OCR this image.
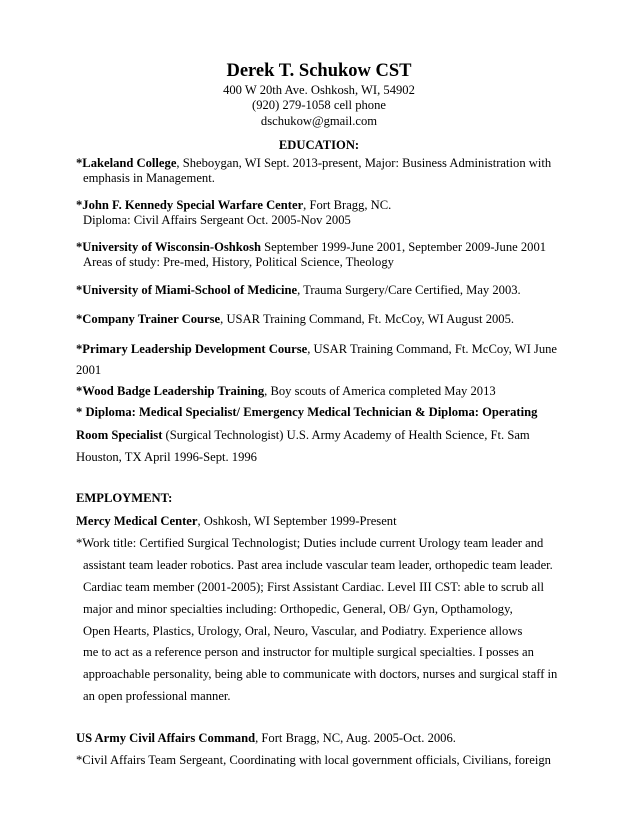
Derek T. Schukow CST
400 W 20th Ave. Oshkosh, WI, 54902
(920) 279-1058 cell phone
dschukow@gmail.com
EDUCATION:
*Lakeland College, Sheboygan, WI Sept. 2013-present, Major: Business Administration with
emphasis in Management.
*John F. Kennedy Special Warfare Center, Fort Bragg, NC.
Diploma: Civil Affairs Sergeant Oct. 2005-Nov 2005
*University of Wisconsin-Oshkosh September 1999-June 2001, September 2009-June 2001
Areas of study: Pre-med, History, Political Science, Theology
*University of Miami-School of Medicine, Trauma Surgery/Care Certified, May 2003.
*Company Trainer Course, USAR Training Command, Ft. McCoy, WI August 2005.
*Primary Leadership Development Course, USAR Training Command, Ft. McCoy, WI June
2001
*Wood Badge Leadership Training, Boy scouts of America completed May 2013
* Diploma: Medical Specialist/ Emergency Medical Technician & Diploma: Operating
Room Specialist (Surgical Technologist) U.S. Army Academy of Health Science, Ft. Sam
Houston, TX April 1996-Sept. 1996
EMPLOYMENT:
Mercy Medical Center, Oshkosh, WI September 1999-Present
*Work title: Certified Surgical Technologist; Duties include current Urology team leader and
assistant team leader robotics. Past area include vascular team leader, orthopedic team leader.
Cardiac team member (2001-2005); First Assistant Cardiac. Level III CST: able to scrub all
major and minor specialties including: Orthopedic, General, OB/ Gyn, Opthamology,
Open Hearts, Plastics, Urology, Oral, Neuro, Vascular, and Podiatry. Experience allows
me to act as a reference person and instructor for multiple surgical specialties. I posses an
approachable personality, being able to communicate with doctors, nurses and surgical staff in
an open professional manner.
US Army Civil Affairs Command, Fort Bragg, NC, Aug. 2005-Oct. 2006.
*Civil Affairs Team Sergeant, Coordinating with local government officials, Civilians, foreign
